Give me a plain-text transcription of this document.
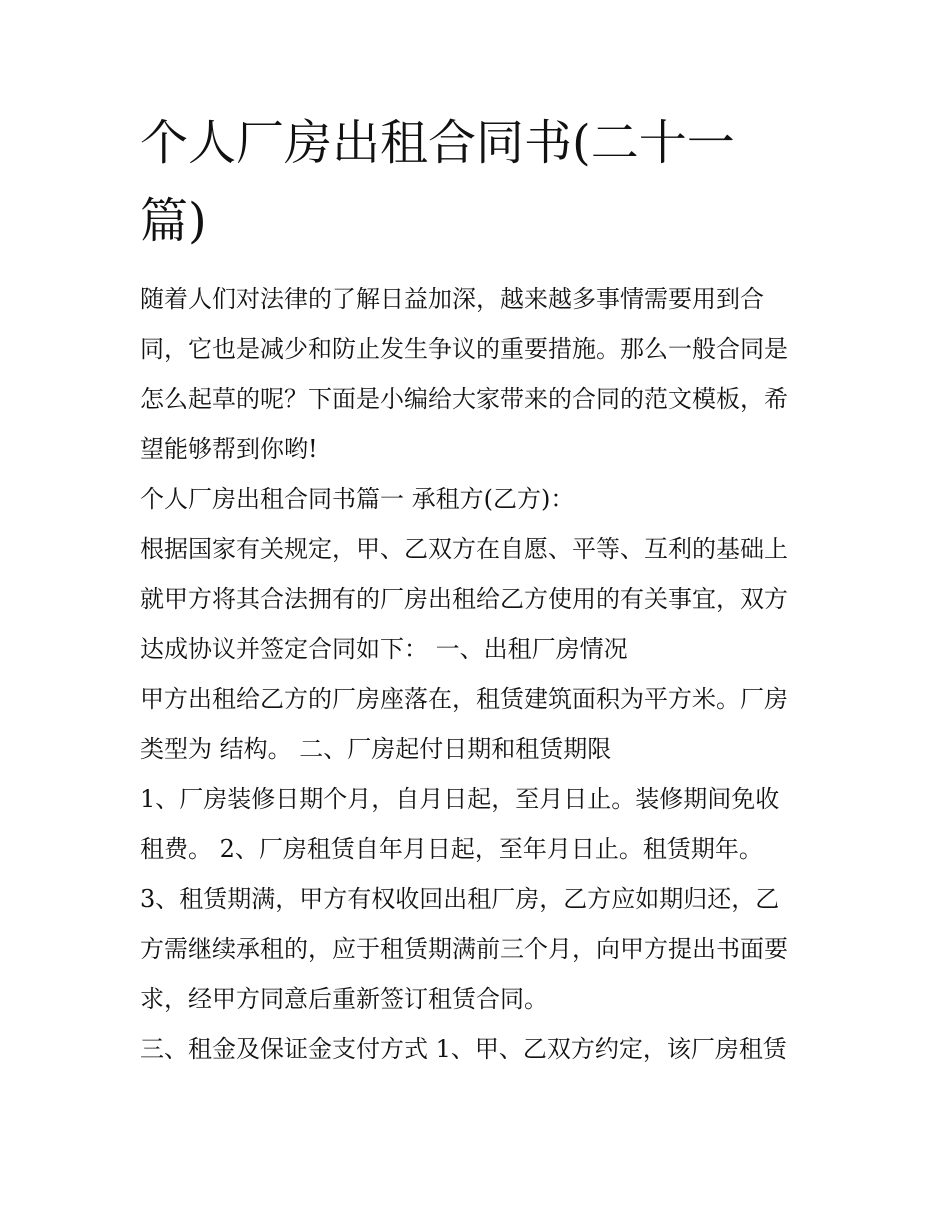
个人厂房出租合同书(二十一篇)
随着人们对法律的了解日益加深，越来越多事情需要用到合
同，它也是减少和防止发生争议的重要措施。那么一般合同是
怎么起草的呢？下面是小编给大家带来的合同的范文模板，希
望能够帮到你哟!
个人厂房出租合同书篇一 承租方(乙方)：
根据国家有关规定，甲、乙双方在自愿、平等、互利的基础上
就甲方将其合法拥有的厂房出租给乙方使用的有关事宜，双方
达成协议并签定合同如下： 一、出租厂房情况
甲方出租给乙方的厂房座落在，租赁建筑面积为平方米。厂房
类型为 结构。 二、厂房起付日期和租赁期限
1、厂房装修日期个月，自月日起，至月日止。装修期间免收
租费。 2、厂房租赁自年月日起，至年月日止。租赁期年。
3、租赁期满，甲方有权收回出租厂房，乙方应如期归还，乙
方需继续承租的，应于租赁期满前三个月，向甲方提出书面要
求，经甲方同意后重新签订租赁合同。
三、租金及保证金支付方式 1、甲、乙双方约定，该厂房租赁
